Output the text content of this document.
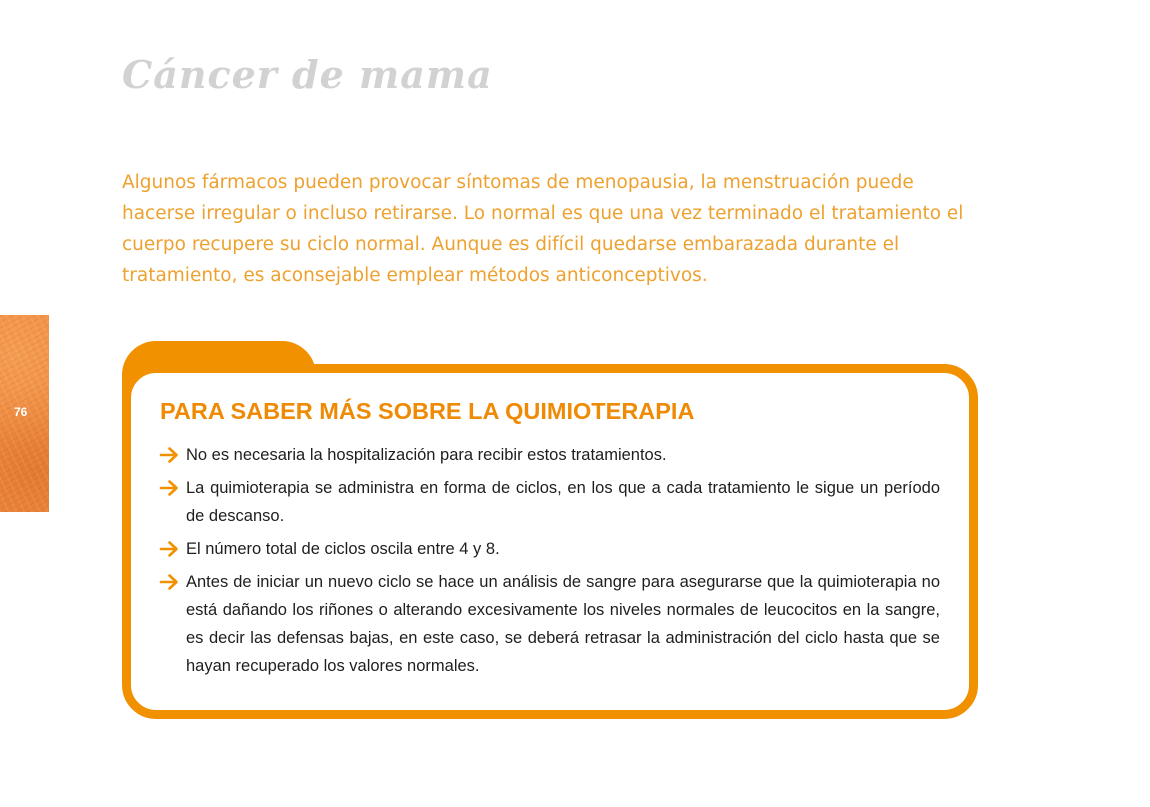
Cáncer de mama

Algunos fármacos pueden provocar síntomas de menopausia, la menstruación puede hacerse irregular o incluso retirarse. Lo normal es que una vez terminado el tratamiento el cuerpo recupere su ciclo normal. Aunque es difícil quedarse embarazada durante el tratamiento, es aconsejable emplear métodos anticonceptivos.

76	PARA SABER MÁS SOBRE LA QUIMIOTERAPIA
No es necesaria la hospitalización para recibir estos tratamientos.
La quimioterapia se administra en forma de ciclos, en los que a cada tratamiento le sigue un período de descanso.
El número total de ciclos oscila entre 4 y 8.
Antes de iniciar un nuevo ciclo se hace un análisis de sangre para asegurarse que la quimioterapia no está dañando los riñones o alterando excesivamente los niveles normales de leucocitos en la sangre, es decir las defensas bajas, en este caso, se deberá retrasar la administración del ciclo hasta que se hayan recuperado los valores normales.
